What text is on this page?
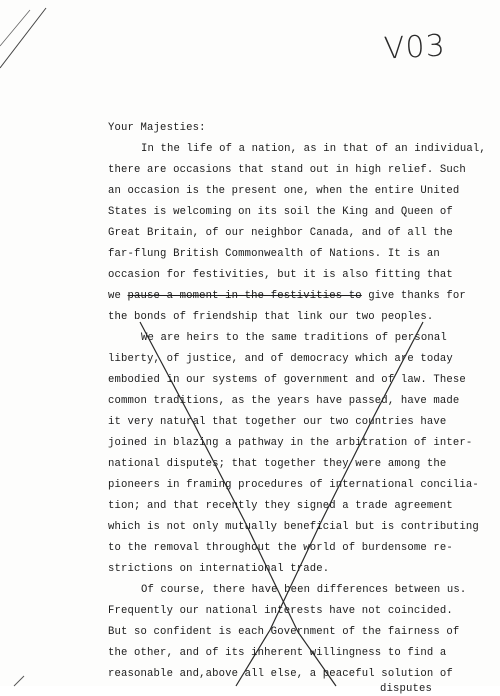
V03
Your Majesties:
In the life of a nation, as in that of an individual,
there are occasions that stand out in high relief. Such
an occasion is the present one, when the entire United
States is welcoming on its soil the King and Queen of
Great Britain, of our neighbor Canada, and of all the
far-flung British Commonwealth of Nations. It is an
occasion for festivities, but it is also fitting that
we pause a moment in the festivities to give thanks for
the bonds of friendship that link our two peoples.
We are heirs to the same traditions of personal
liberty, of justice, and of democracy which are today
embodied in our systems of government and of law. These
common traditions, as the years have passed, have made
it very natural that together our two countries have
joined in blazing a pathway in the arbitration of inter-
national disputes; that together they were among the
pioneers in framing procedures of international concilia-
tion; and that recently they signed a trade agreement
which is not only mutually beneficial but is contributing
to the removal throughout the world of burdensome re-
strictions on international trade.
Of course, there have been differences between us.
Frequently our national interests have not coincided.
But so confident is each Government of the fairness of
the other, and of its inherent willingness to find a
reasonable and,above all else, a peaceful solution of
disputes
